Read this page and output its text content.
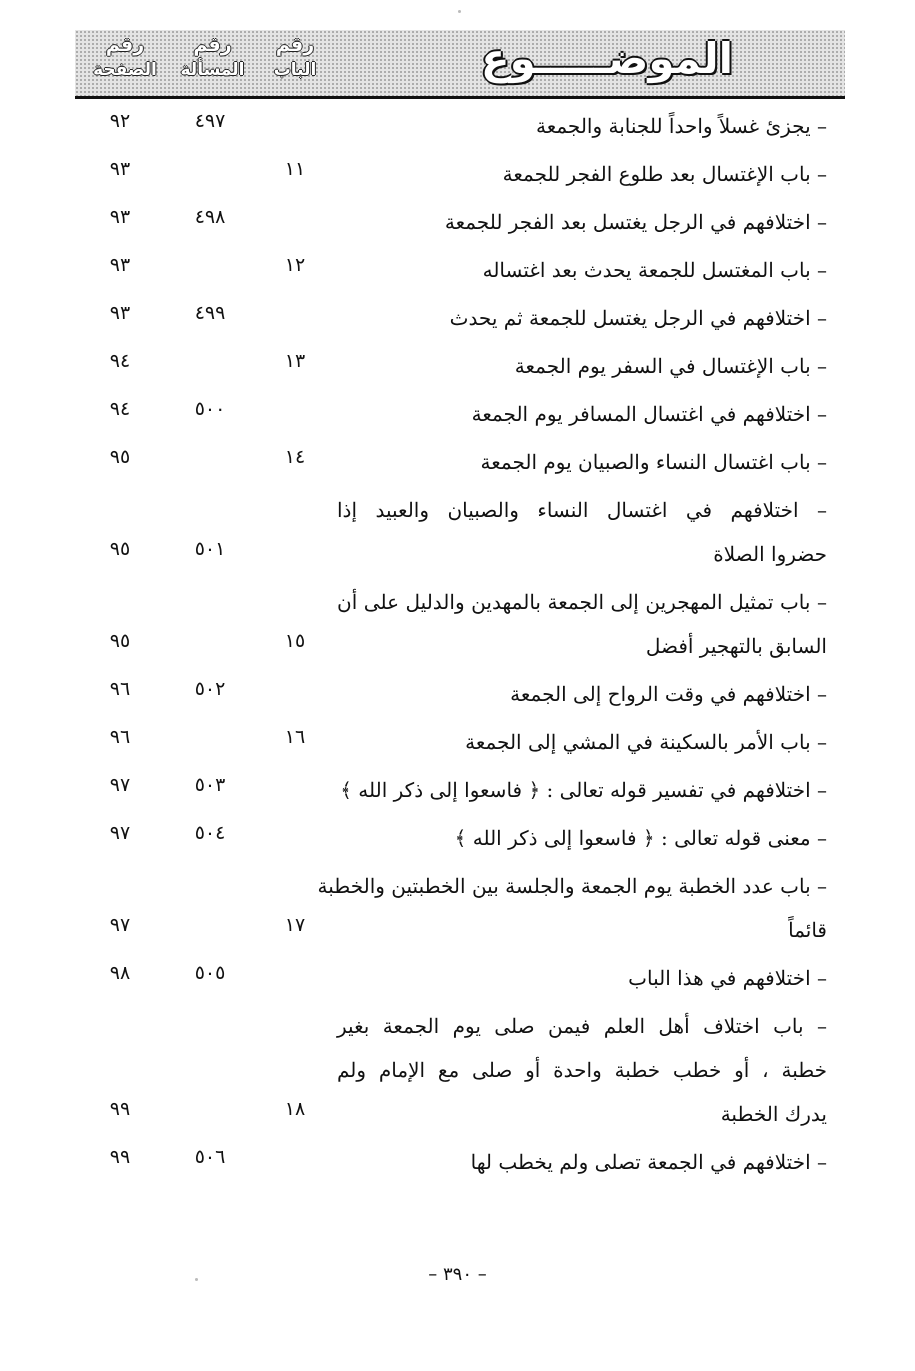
الموضـــــوع
رقم
الباب
رقم
المسألة
رقم
الصفحة
– يجزئ غسلاً واحداً للجنابة والجمعة
٤٩٧
٩٢
– باب الإغتسال بعد طلوع الفجر للجمعة
١١
٩٣
– اختلافهم في الرجل يغتسل بعد الفجر للجمعة
٤٩٨
٩٣
– باب المغتسل للجمعة يحدث بعد اغتساله
١٢
٩٣
– اختلافهم في الرجل يغتسل للجمعة ثم يحدث
٤٩٩
٩٣
– باب الإغتسال في السفر يوم الجمعة
١٣
٩٤
– اختلافهم في اغتسال المسافر يوم الجمعة
٥٠٠
٩٤
– باب اغتسال النساء والصبيان يوم الجمعة
١٤
٩٥
– اختلافهم في اغتسال النساء والصبيان والعبيد إذا
حضروا الصلاة
٥٠١
٩٥
– باب تمثيل المهجرين إلى الجمعة بالمهدين والدليل على أن
السابق بالتهجير أفضل
١٥
٩٥
– اختلافهم في وقت الرواح إلى الجمعة
٥٠٢
٩٦
– باب الأمر بالسكينة في المشي إلى الجمعة
١٦
٩٦
– اختلافهم في تفسير قوله تعالى : ﴿ فاسعوا إلى ذكر الله ﴾
٥٠٣
٩٧
– معنى قوله تعالى : ﴿ فاسعوا إلى ذكر الله ﴾
٥٠٤
٩٧
– باب عدد الخطبة يوم الجمعة والجلسة بين الخطبتين والخطبة
قائماً
١٧
٩٧
– اختلافهم في هذا الباب
٥٠٥
٩٨
– باب اختلاف أهل العلم فيمن صلى يوم الجمعة بغير
خطبة ، أو خطب خطبة واحدة أو صلى مع الإمام ولم
يدرك الخطبة
١٨
٩٩
– اختلافهم في الجمعة تصلى ولم يخطب لها
٥٠٦
٩٩
– ٣٩٠ –
